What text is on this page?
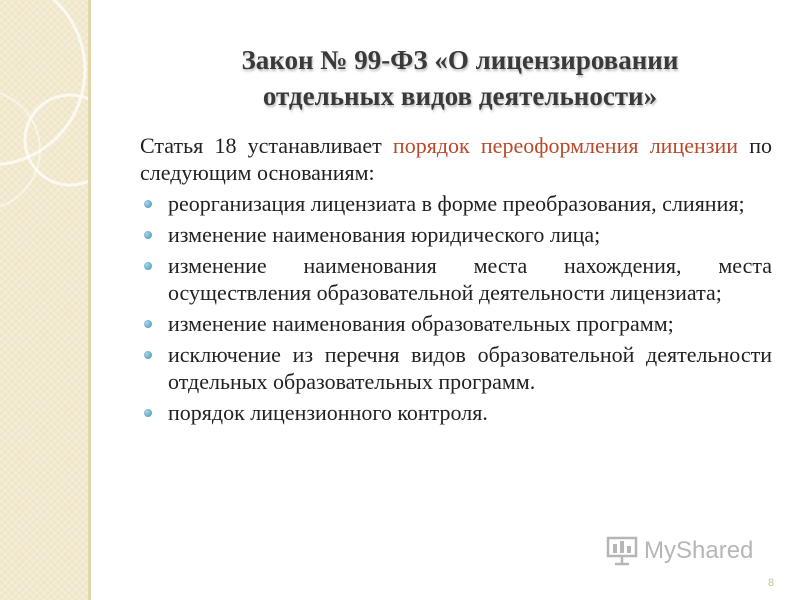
Закон № 99-ФЗ «О лицензировании
отдельных видов деятельности»

Статья 18 устанавливает порядок переоформления лицензии по следующим основаниям:

реорганизация лицензиата в форме преобразования, слияния;
изменение наименования юридического лица;
изменение наименования места нахождения, места осуществления образовательной деятельности лицензиата;
изменение наименования образовательных программ;
исключение из перечня видов образовательной деятельности отдельных образовательных программ.
порядок лицензионного контроля.
MyShared
8
